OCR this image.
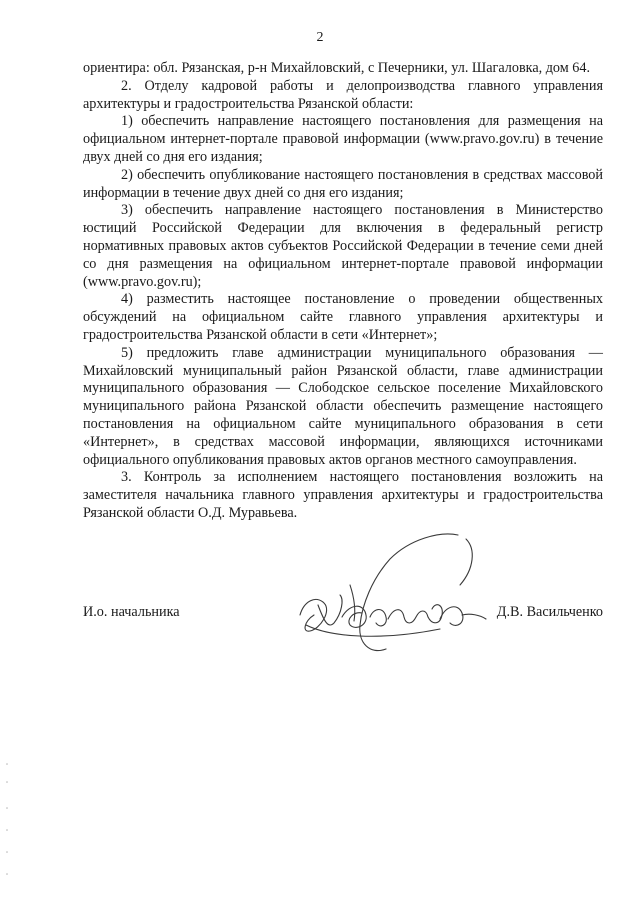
2

ориентира: обл. Рязанская, р-н Михайловский, с Печерники, ул. Шагаловка, дом 64.

2. Отделу кадровой работы и делопроизводства главного управления архитектуры и градостроительства Рязанской области:

1) обеспечить направление настоящего постановления для размещения на официальном интернет-портале правовой информации (www.pravo.gov.ru) в течение двух дней со дня его издания;

2) обеспечить опубликование настоящего постановления в средствах массовой информации в течение двух дней со дня его издания;

3) обеспечить направление настоящего постановления в Министерство юстиций Российской Федерации для включения в федеральный регистр нормативных правовых актов субъектов Российской Федерации в течение семи дней со дня размещения на официальном интернет-портале правовой информации (www.pravo.gov.ru);

4) разместить настоящее постановление о проведении общественных обсуждений на официальном сайте главного управления архитектуры и градостроительства Рязанской области в сети «Интернет»;

5) предложить главе администрации муниципального образования — Михайловский муниципальный район Рязанской области, главе администрации муниципального образования — Слободское сельское поселение Михайловского муниципального района Рязанской области обеспечить размещение настоящего постановления на официальном сайте муниципального образования в сети «Интернет», в средствах массовой информации, являющихся источниками официального опубликования правовых актов органов местного самоуправления.

3. Контроль за исполнением настоящего постановления возложить на заместителя начальника главного управления архитектуры и градостроительства Рязанской области О.Д. Муравьева.

И.о. начальника	Д.В. Васильченко
